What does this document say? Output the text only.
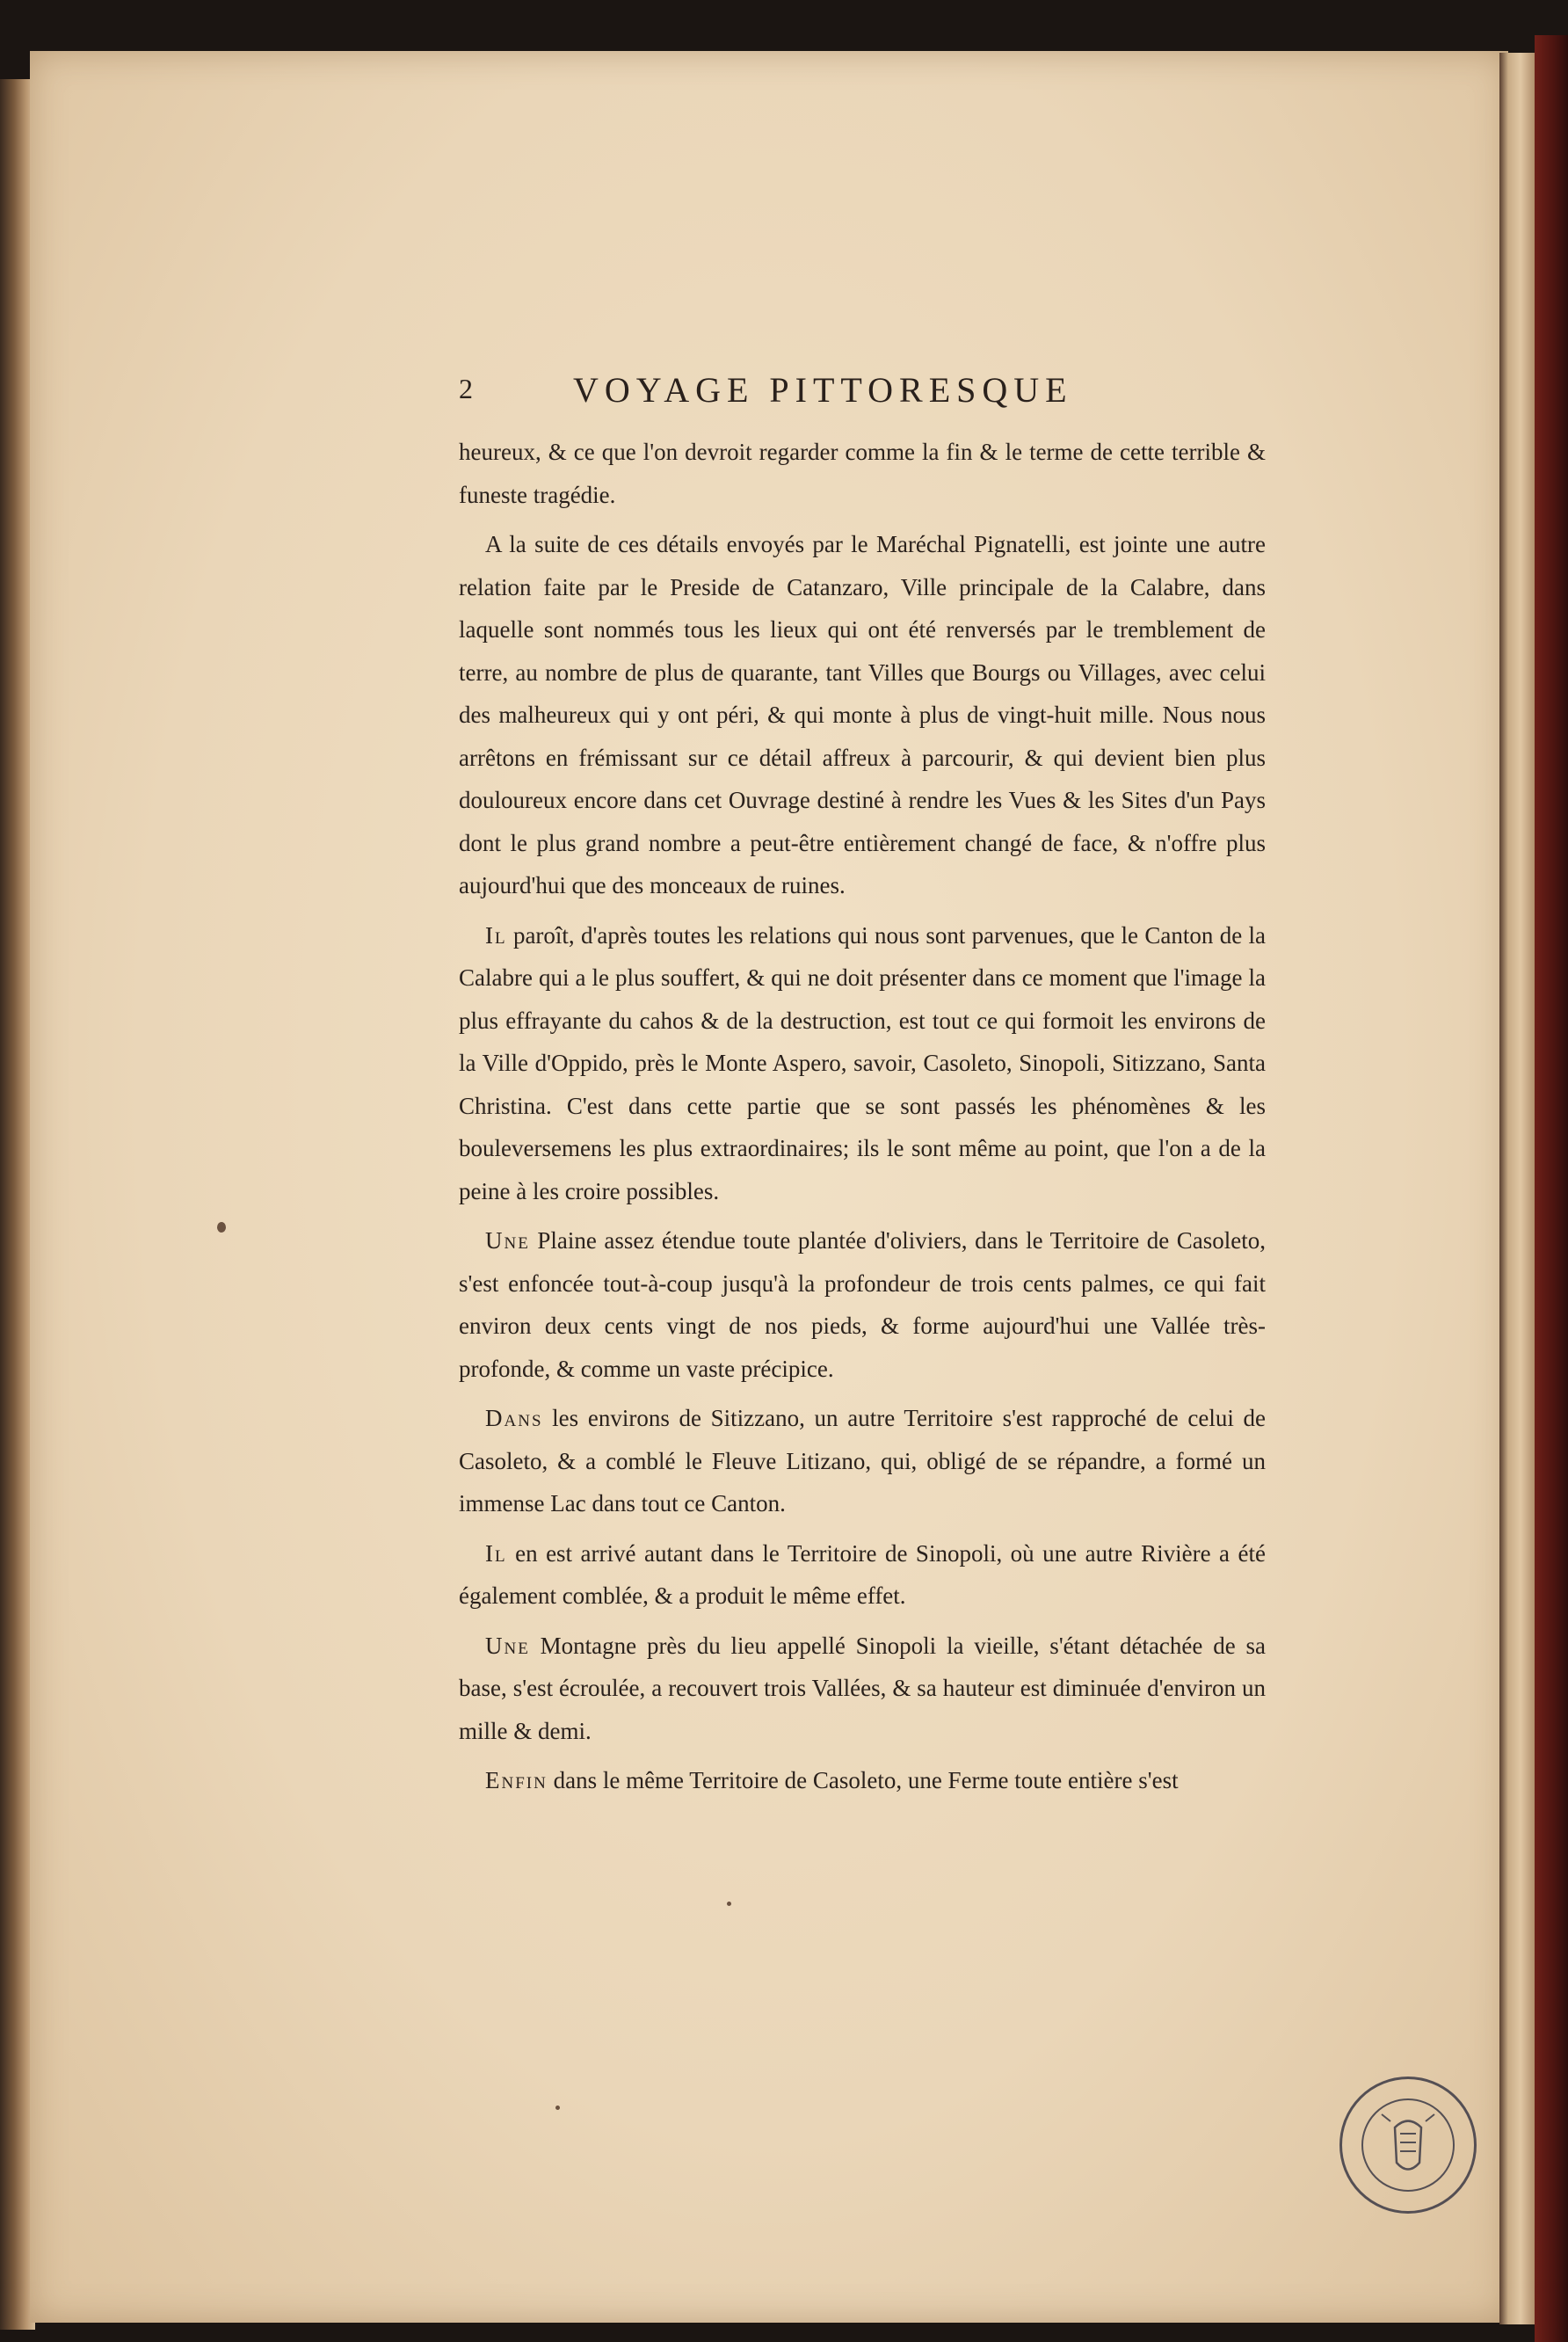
2	VOYAGE PITTORESQUE

heureux, & ce que l'on devroit regarder comme la fin & le terme de cette terrible & funeste tragédie.

A la suite de ces détails envoyés par le Maréchal Pignatelli, est jointe une autre relation faite par le Preside de Catanzaro, Ville principale de la Calabre, dans laquelle sont nommés tous les lieux qui ont été renversés par le tremblement de terre, au nombre de plus de quarante, tant Villes que Bourgs ou Villages, avec celui des malheureux qui y ont péri, & qui monte à plus de vingt-huit mille. Nous nous arrêtons en frémissant sur ce détail affreux à parcourir, & qui devient bien plus douloureux encore dans cet Ouvrage destiné à rendre les Vues & les Sites d'un Pays dont le plus grand nombre a peut-être entièrement changé de face, & n'offre plus aujourd'hui que des monceaux de ruines.

Il paroît, d'après toutes les relations qui nous sont parvenues, que le Canton de la Calabre qui a le plus souffert, & qui ne doit présenter dans ce moment que l'image la plus effrayante du cahos & de la destruction, est tout ce qui formoit les environs de la Ville d'Oppido, près le Monte Aspero, savoir, Casoleto, Sinopoli, Sitizzano, Santa Christina. C'est dans cette partie que se sont passés les phénomènes & les bouleversemens les plus extraordinaires; ils le sont même au point, que l'on a de la peine à les croire possibles.

Une Plaine assez étendue toute plantée d'oliviers, dans le Territoire de Casoleto, s'est enfoncée tout-à-coup jusqu'à la profondeur de trois cents palmes, ce qui fait environ deux cents vingt de nos pieds, & forme aujourd'hui une Vallée très-profonde, & comme un vaste précipice.

Dans les environs de Sitizzano, un autre Territoire s'est rapproché de celui de Casoleto, & a comblé le Fleuve Litizano, qui, obligé de se répandre, a formé un immense Lac dans tout ce Canton.

Il en est arrivé autant dans le Territoire de Sinopoli, où une autre Rivière a été également comblée, & a produit le même effet.

Une Montagne près du lieu appellé Sinopoli la vieille, s'étant détachée de sa base, s'est écroulée, a recouvert trois Vallées, & sa hauteur est diminuée d'environ un mille & demi.

Enfin dans le même Territoire de Casoleto, une Ferme toute entière s'est
